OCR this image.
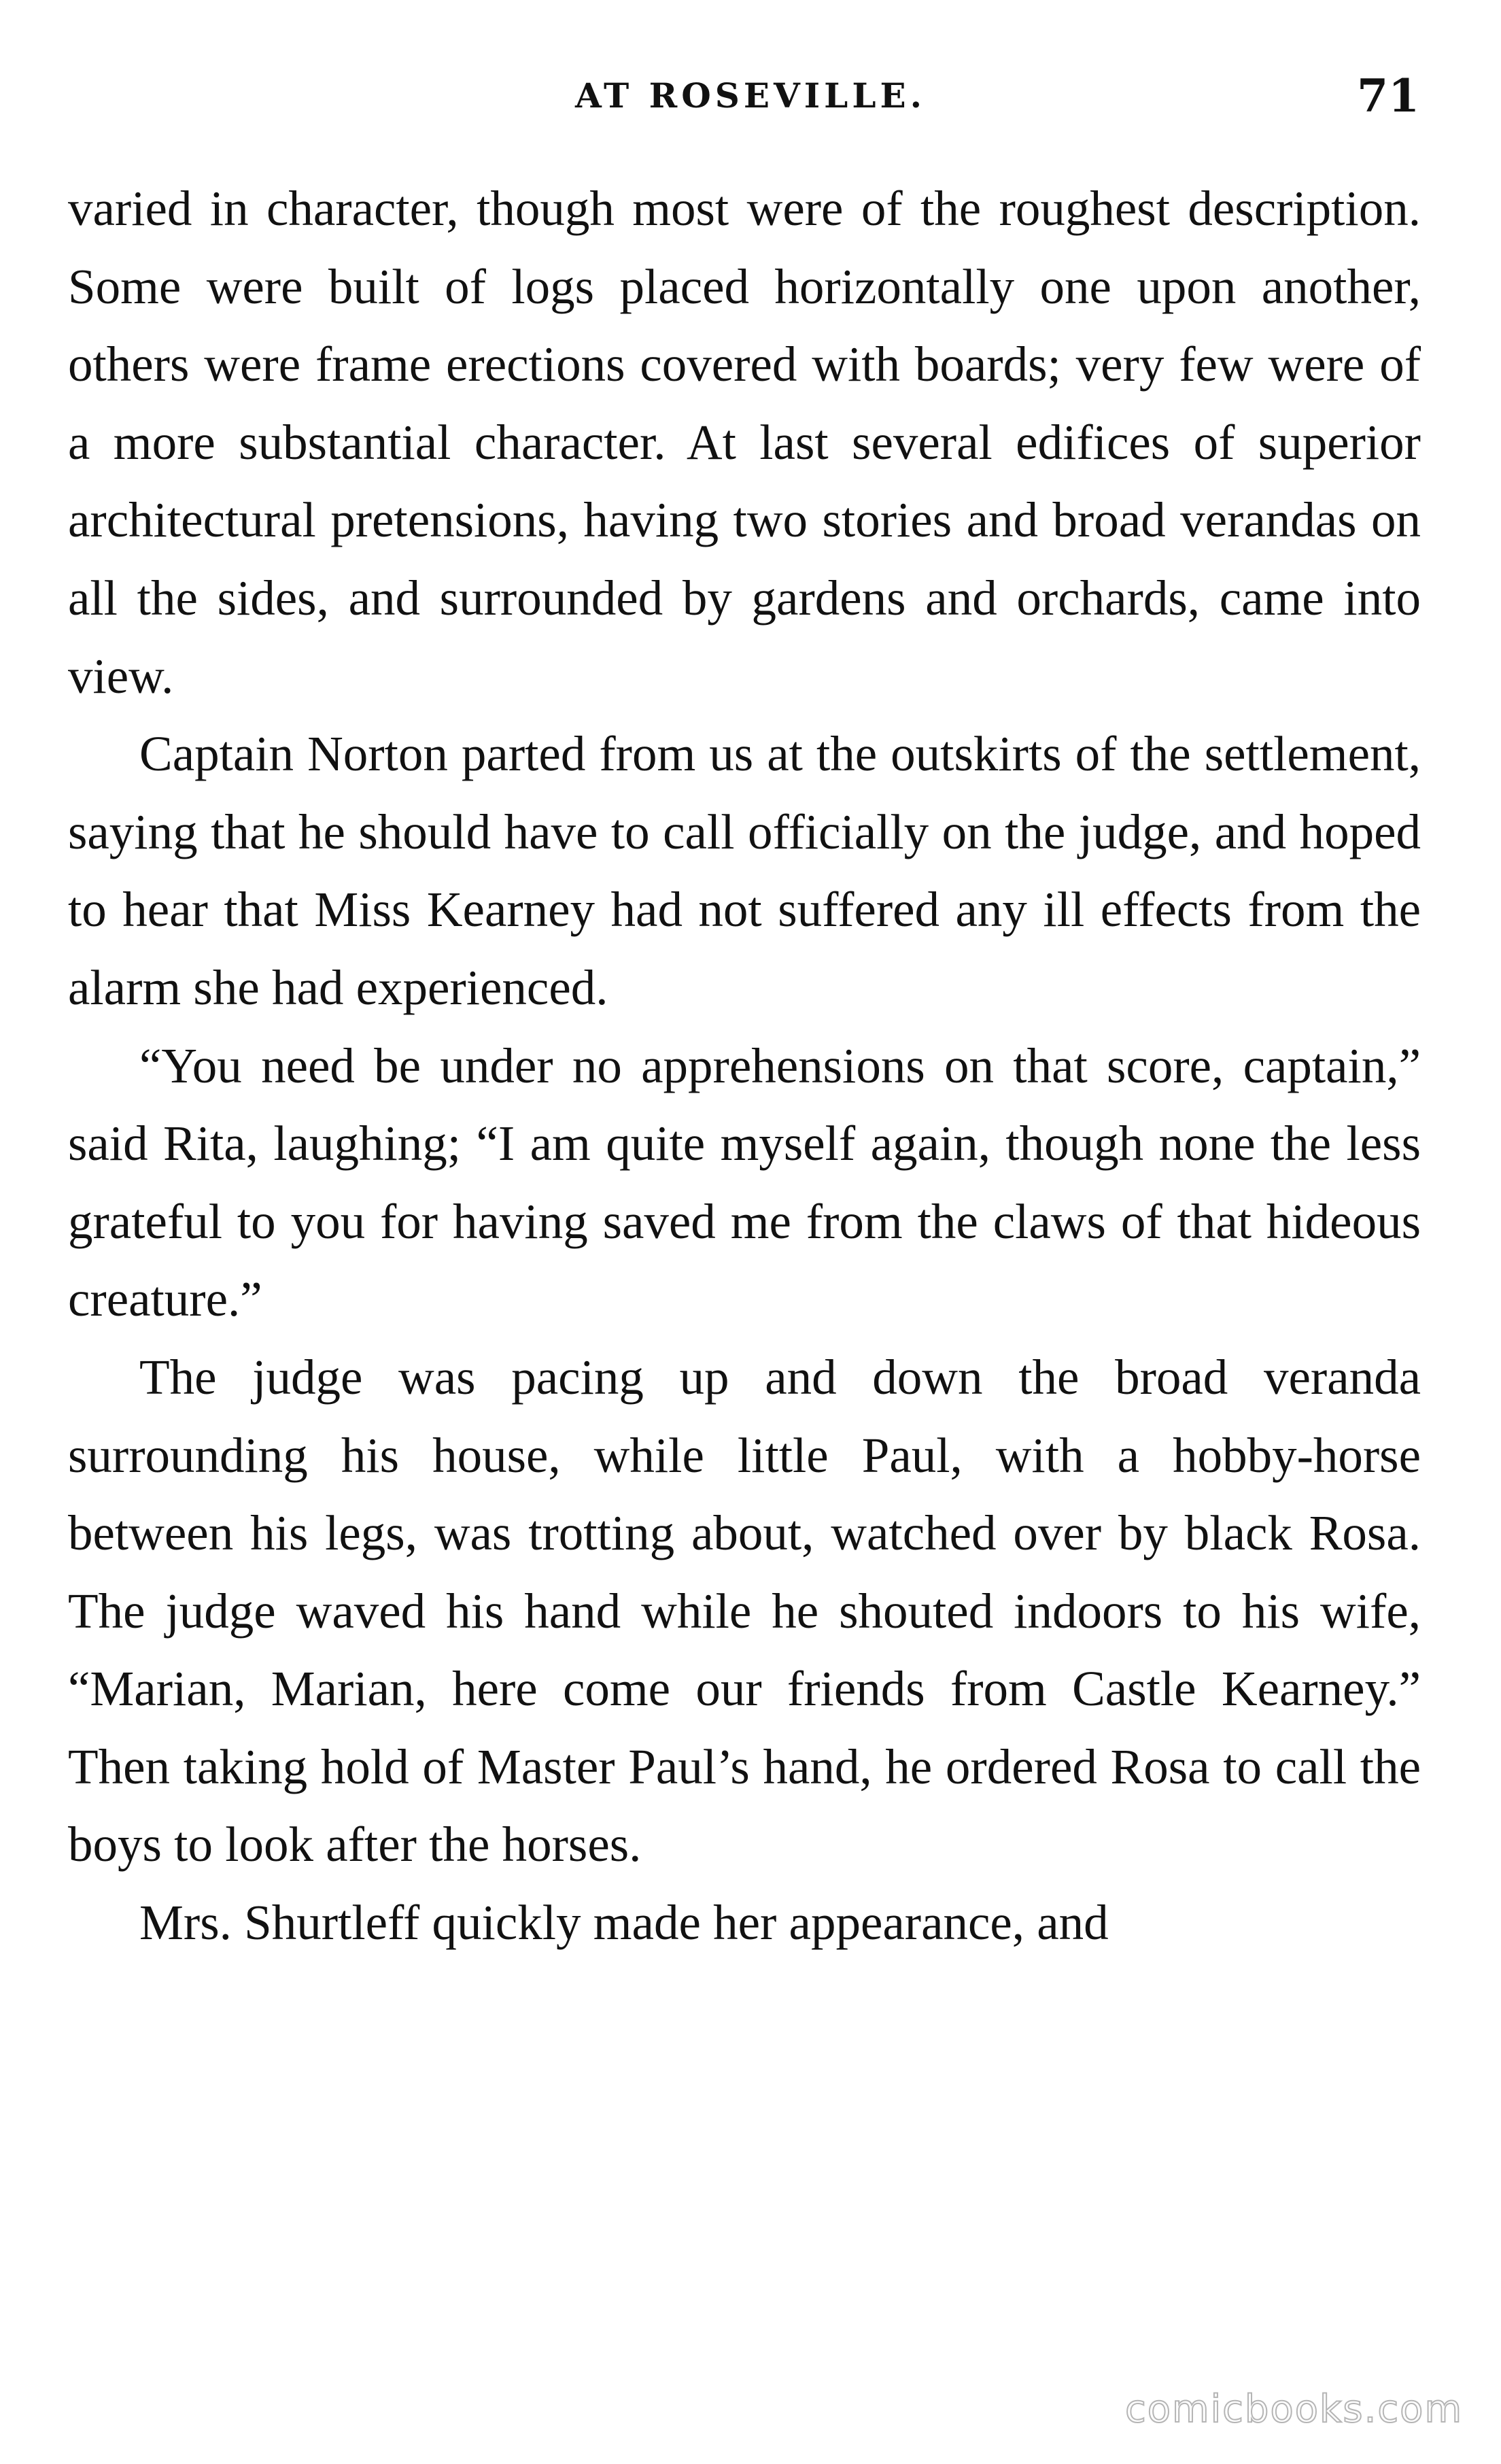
AT ROSEVILLE.	71

varied in character, though most were of the roughest description. Some were built of logs placed horizontally one upon another, others were frame erections covered with boards; very few were of a more substantial character. At last several edifices of superior architectural pretensions, having two stories and broad verandas on all the sides, and surrounded by gardens and orchards, came into view.

Captain Norton parted from us at the outskirts of the settlement, saying that he should have to call officially on the judge, and hoped to hear that Miss Kearney had not suffered any ill effects from the alarm she had experienced.

“You need be under no apprehensions on that score, captain,” said Rita, laughing; “I am quite myself again, though none the less grateful to you for having saved me from the claws of that hideous creature.”

The judge was pacing up and down the broad veranda surrounding his house, while little Paul, with a hobby-horse between his legs, was trotting about, watched over by black Rosa. The judge waved his hand while he shouted indoors to his wife, “Marian, Marian, here come our friends from Castle Kearney.” Then taking hold of Master Paul’s hand, he ordered Rosa to call the boys to look after the horses.

Mrs. Shurtleff quickly made her appearance, and

comicbooks.com
